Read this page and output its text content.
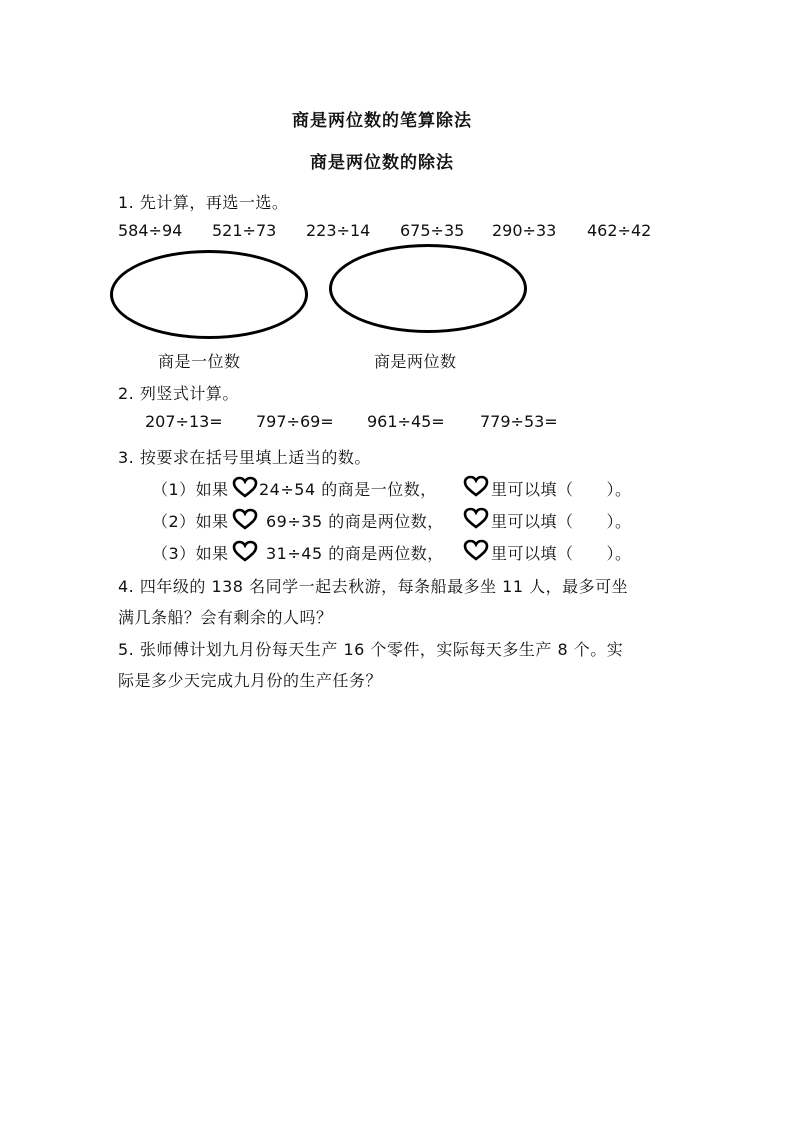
商是两位数的笔算除法
商是两位数的除法
1. 先计算，再选一选。
584÷94 521÷73 223÷14 675÷35 290÷33 462÷42
商是一位数	商是两位数
2. 列竖式计算。
207÷13= 797÷69= 961÷45= 779÷53=
3. 按要求在括号里填上适当的数。
（1）如果 24÷54 的商是一位数，	里可以填（　　）。
（2）如果 69÷35 的商是两位数，	里可以填（　　）。
（3）如果 31÷45 的商是两位数，	里可以填（　　）。
4. 四年级的 138 名同学一起去秋游，每条船最多坐 11 人，最多可坐
满几条船？会有剩余的人吗？
5. 张师傅计划九月份每天生产 16 个零件，实际每天多生产 8 个。实
际是多少天完成九月份的生产任务？
